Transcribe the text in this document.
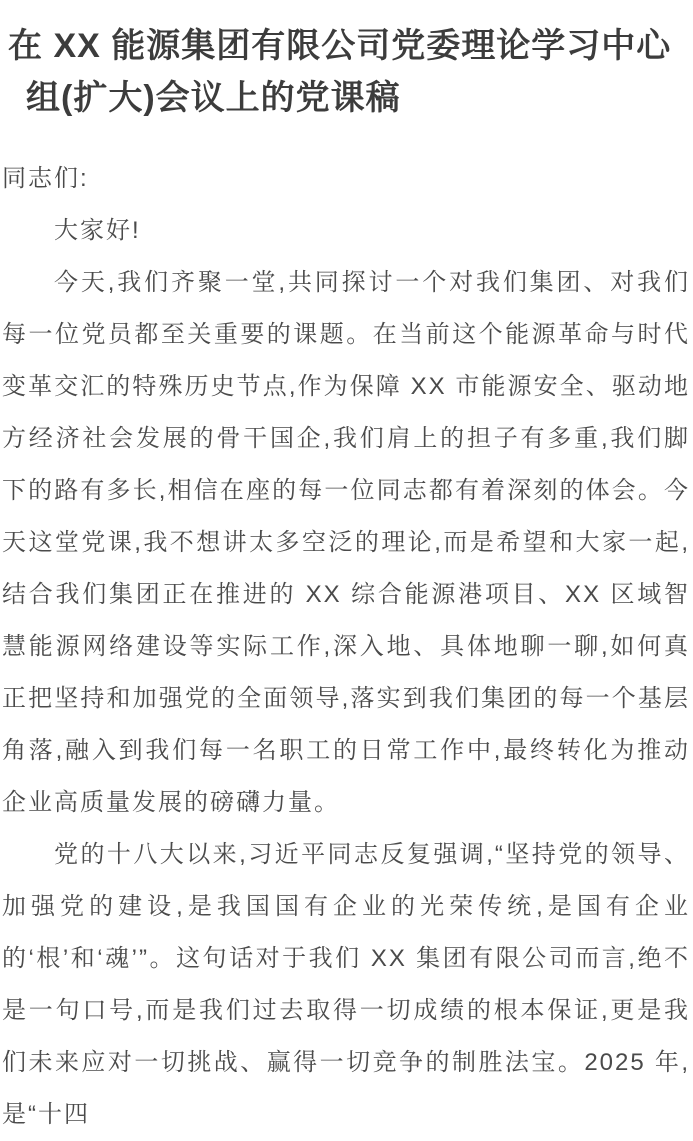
在 XX 能源集团有限公司党委理论学习中心
组(扩大)会议上的党课稿

同志们:

大家好!

今天,我们齐聚一堂,共同探讨一个对我们集团、对我们每一位党员都至关重要的课题。在当前这个能源革命与时代变革交汇的特殊历史节点,作为保障 XX 市能源安全、驱动地方经济社会发展的骨干国企,我们肩上的担子有多重,我们脚下的路有多长,相信在座的每一位同志都有着深刻的体会。今天这堂党课,我不想讲太多空泛的理论,而是希望和大家一起,结合我们集团正在推进的 XX 综合能源港项目、XX 区域智慧能源网络建设等实际工作,深入地、具体地聊一聊,如何真正把坚持和加强党的全面领导,落实到我们集团的每一个基层角落,融入到我们每一名职工的日常工作中,最终转化为推动企业高质量发展的磅礴力量。

党的十八大以来,习近平同志反复强调,“坚持党的领导、加强党的建设,是我国国有企业的光荣传统,是国有企业的‘根’和‘魂’”。这句话对于我们 XX 集团有限公司而言,绝不是一句口号,而是我们过去取得一切成绩的根本保证,更是我们未来应对一切挑战、赢得一切竞争的制胜法宝。2025 年,是“十四
